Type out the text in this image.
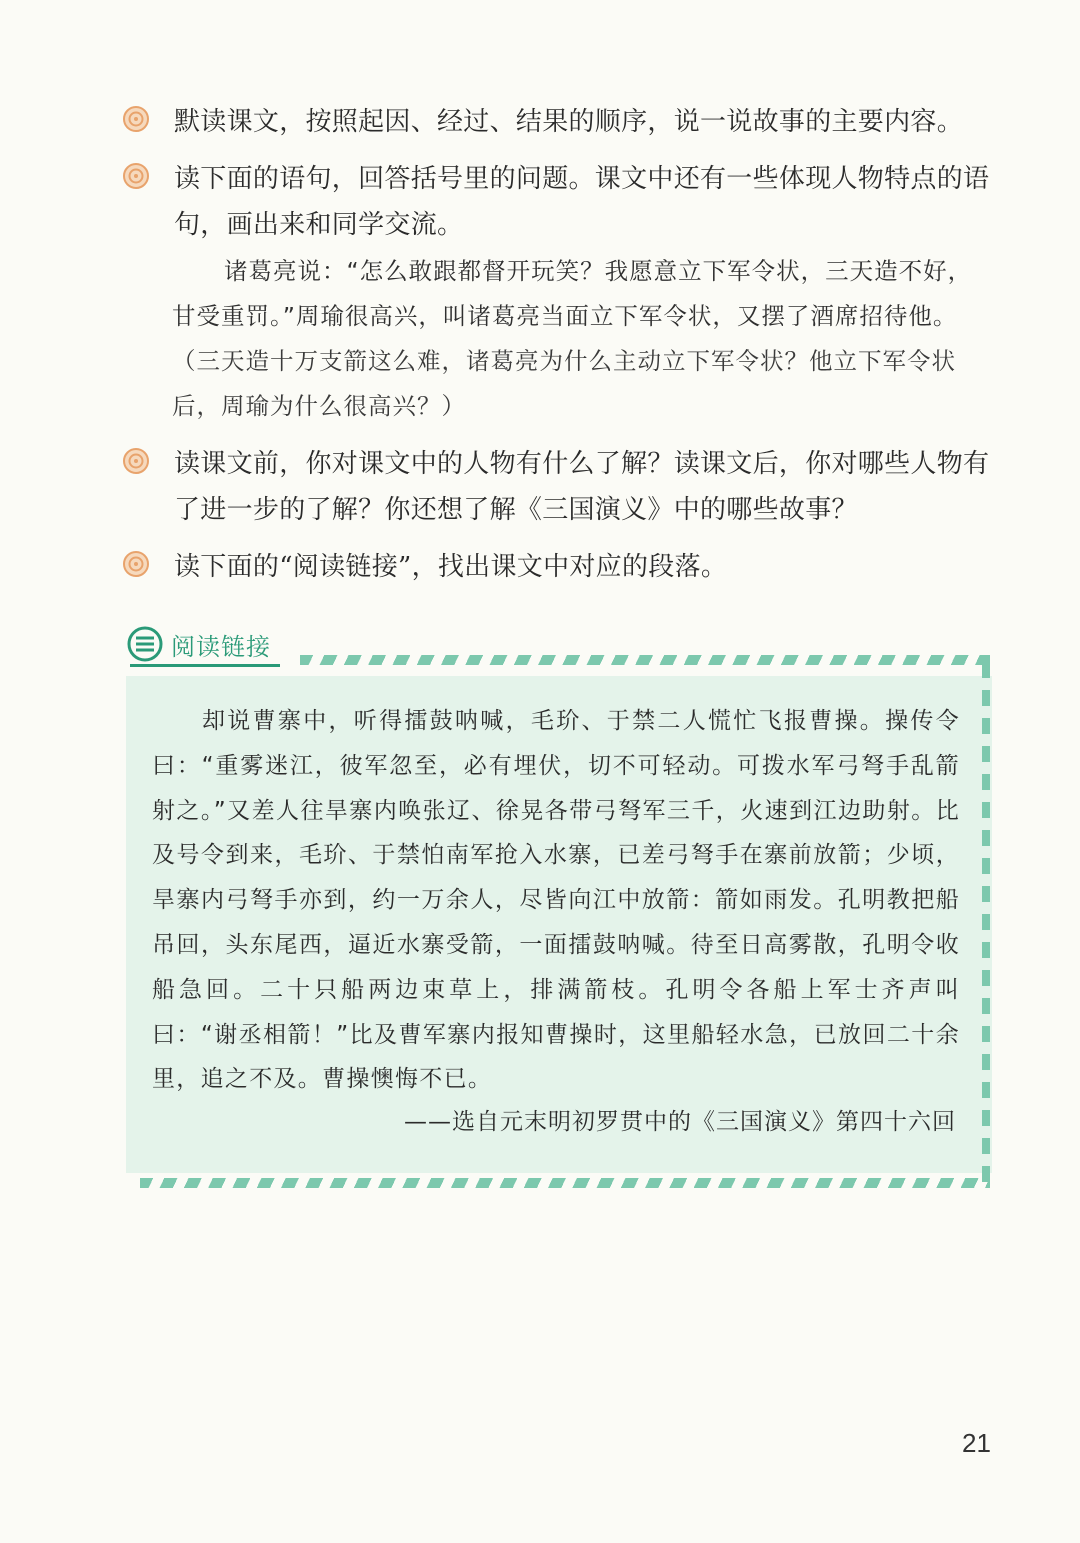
默读课文，按照起因、经过、结果的顺序，说一说故事的主要内容。
读下面的语句，回答括号里的问题。课文中还有一些体现人物特点的语句，画出来和同学交流。

诸葛亮说：“怎么敢跟都督开玩笑？我愿意立下军令状，三天造不好，甘受重罚。”周瑜很高兴，叫诸葛亮当面立下军令状，又摆了酒席招待他。

（三天造十万支箭这么难，诸葛亮为什么主动立下军令状？他立下军令状后，周瑜为什么很高兴？）

读课文前，你对课文中的人物有什么了解？读课文后，你对哪些人物有了进一步的了解？你还想了解《三国演义》中的哪些故事？
读下面的“阅读链接”，找出课文中对应的段落。
阅读链接

却说曹寨中，听得擂鼓呐喊，毛玠、于禁二人慌忙飞报曹操。操传令曰：“重雾迷江，彼军忽至，必有埋伏，切不可轻动。可拨水军弓弩手乱箭射之。”又差人往旱寨内唤张辽、徐晃各带弓弩军三千，火速到江边助射。比及号令到来，毛玠、于禁怕南军抢入水寨，已差弓弩手在寨前放箭；少顷，旱寨内弓弩手亦到，约一万余人，尽皆向江中放箭：箭如雨发。孔明教把船吊回，头东尾西，逼近水寨受箭，一面擂鼓呐喊。待至日高雾散，孔明令收船急回。二十只船两边束草上，排满箭枝。孔明令各船上军士齐声叫曰：“谢丞相箭！”比及曹军寨内报知曹操时，这里船轻水急，已放回二十余里，追之不及。曹操懊悔不已。

——选自元末明初罗贯中的《三国演义》第四十六回
21
